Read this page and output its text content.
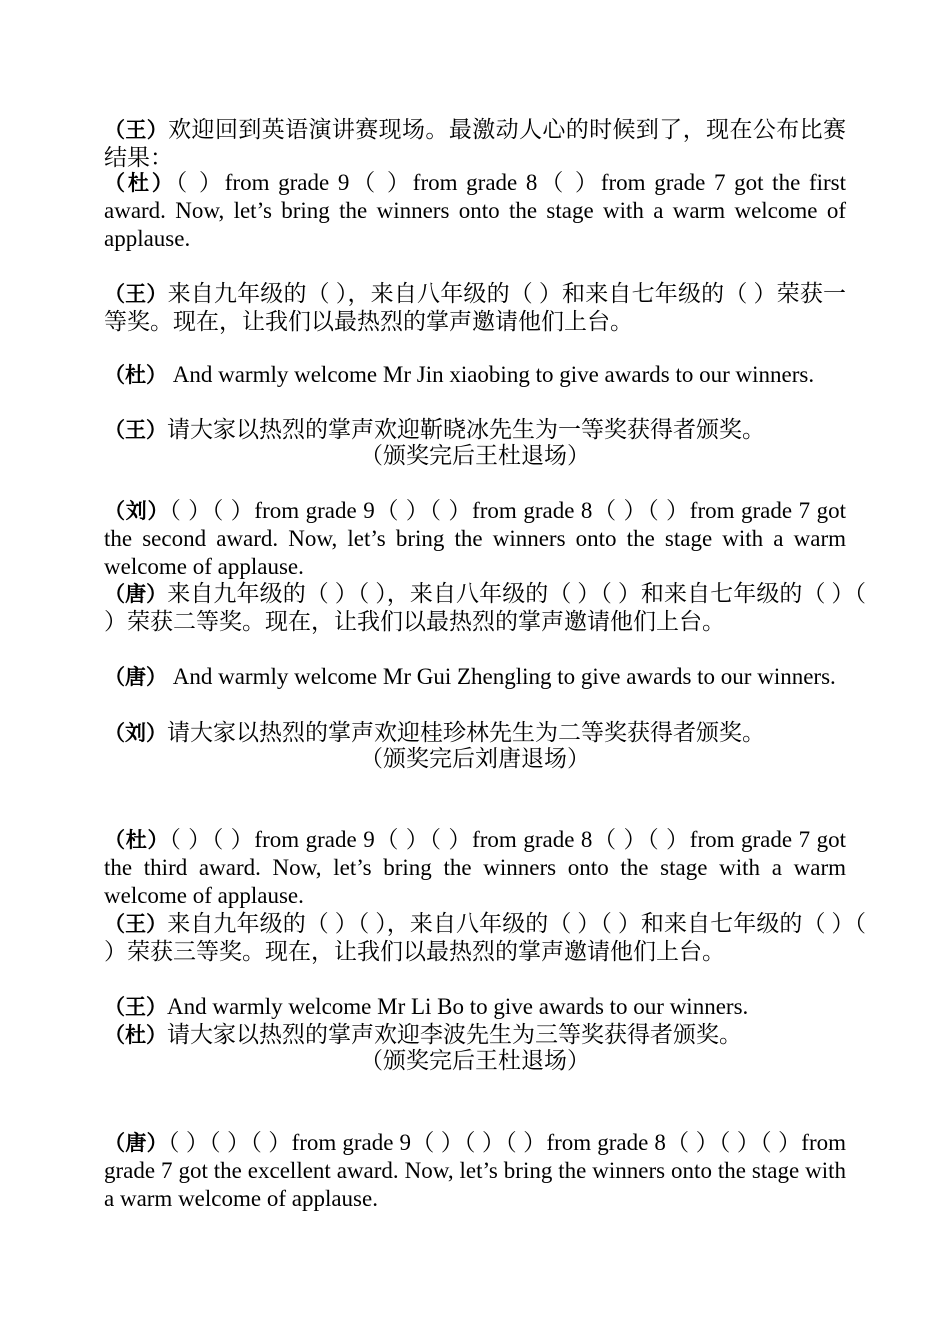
（王）欢迎回到英语演讲赛现场。最激动人心的时候到了，现在公布比赛结果：
（杜）（ ）from grade 9（ ）from grade 8（ ）from grade 7 got the first award. Now, let’s bring the winners onto the stage with a warm welcome of applause.
（王）来自九年级的（ ），来自八年级的（ ）和来自七年级的（ ）荣获一等奖。现在，让我们以最热烈的掌声邀请他们上台。
（杜） And warmly welcome Mr Jin xiaobing to give awards to our winners.
（王）请大家以热烈的掌声欢迎靳晓冰先生为一等奖获得者颁奖。
（颁奖完后王杜退场）
（刘）（ ）（ ）from grade 9（ ）（ ）from grade 8（ ）（ ）from grade 7 got the second award. Now, let’s bring the winners onto the stage with a warm welcome of applause.
（唐）来自九年级的（ ）（ ），来自八年级的（ ）（ ）和来自七年级的（ ）（ ）荣获二等奖。现在，让我们以最热烈的掌声邀请他们上台。
（唐） And warmly welcome Mr Gui Zhengling to give awards to our winners.
（刘）请大家以热烈的掌声欢迎桂珍林先生为二等奖获得者颁奖。
（颁奖完后刘唐退场）
（杜）（ ）（ ）from grade 9（ ）（ ）from grade 8（ ）（ ）from grade 7 got the third award. Now, let’s bring the winners onto the stage with a warm welcome of applause.
（王）来自九年级的（ ）（ ），来自八年级的（ ）（ ）和来自七年级的（ ）（ ）荣获三等奖。现在，让我们以最热烈的掌声邀请他们上台。
（王）And warmly welcome Mr Li Bo to give awards to our winners.
（杜）请大家以热烈的掌声欢迎李波先生为三等奖获得者颁奖。
（颁奖完后王杜退场）
（唐）（ ）（ ）（ ）from grade 9（ ）（ ）（ ）from grade 8（ ）（ ）（ ）from grade 7 got the excellent award. Now, let’s bring the winners onto the stage with a warm welcome of applause.
